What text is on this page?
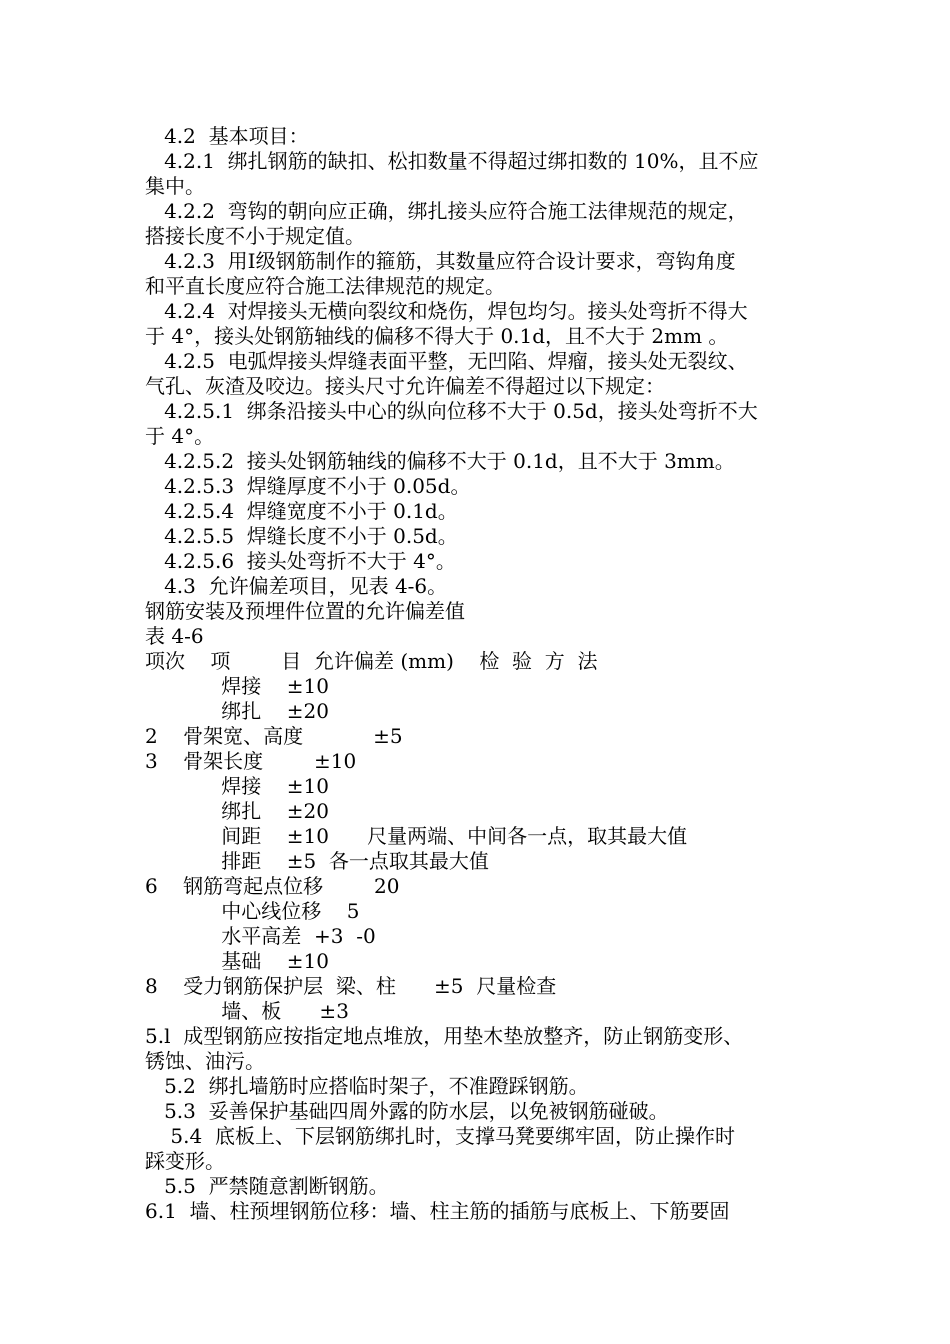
4.2  基本项目：
4.2.1  绑扎钢筋的缺扣、松扣数量不得超过绑扣数的 10%，且不应
集中。
4.2.2  弯钩的朝向应正确，绑扎接头应符合施工法律规范的规定，
搭接长度不小于规定值。
4.2.3  用Ⅰ级钢筋制作的箍筋，其数量应符合设计要求，弯钩角度
和平直长度应符合施工法律规范的规定。
4.2.4  对焊接头无横向裂纹和烧伤，焊包均匀。接头处弯折不得大
于 4°，接头处钢筋轴线的偏移不得大于 0.1d，且不大于 2mm 。
4.2.5  电弧焊接头焊缝表面平整，无凹陷、焊瘤，接头处无裂纹、
气孔、灰渣及咬边。接头尺寸允许偏差不得超过以下规定：
4.2.5.1  绑条沿接头中心的纵向位移不大于 0.5d，接头处弯折不大
于 4°。
4.2.5.2  接头处钢筋轴线的偏移不大于 0.1d，且不大于 3mm。
4.2.5.3  焊缝厚度不小于 0.05d。
4.2.5.4  焊缝宽度不小于 0.1d。
4.2.5.5  焊缝长度不小于 0.5d。
4.2.5.6  接头处弯折不大于 4°。
4.3  允许偏差项目，见表 4-6。
钢筋安装及预埋件位置的允许偏差值
表 4-6
项次    项        目  允许偏差 (mm)    检  验  方  法
焊接    ±10
绑扎    ±20
2    骨架宽、高度           ±5
3    骨架长度        ±10
焊接    ±10
绑扎    ±20
间距    ±10      尺量两端、中间各一点，取其最大值
排距    ±5  各一点取其最大值
6    钢筋弯起点位移        20
中心线位移    5
水平高差  +3  -0
基础    ±10
8    受力钢筋保护层  梁、柱      ±5  尺量检查
墙、板      ±3
5.l  成型钢筋应按指定地点堆放，用垫木垫放整齐，防止钢筋变形、
锈蚀、油污。
5.2  绑扎墙筋时应搭临时架子，不准蹬踩钢筋。
5.3  妥善保护基础四周外露的防水层，以免被钢筋碰破。
5.4  底板上、下层钢筋绑扎时，支撑马凳要绑牢固，防止操作时
踩变形。
5.5  严禁随意割断钢筋。
6.1  墙、柱预埋钢筋位移：墙、柱主筋的插筋与底板上、下筋要固
